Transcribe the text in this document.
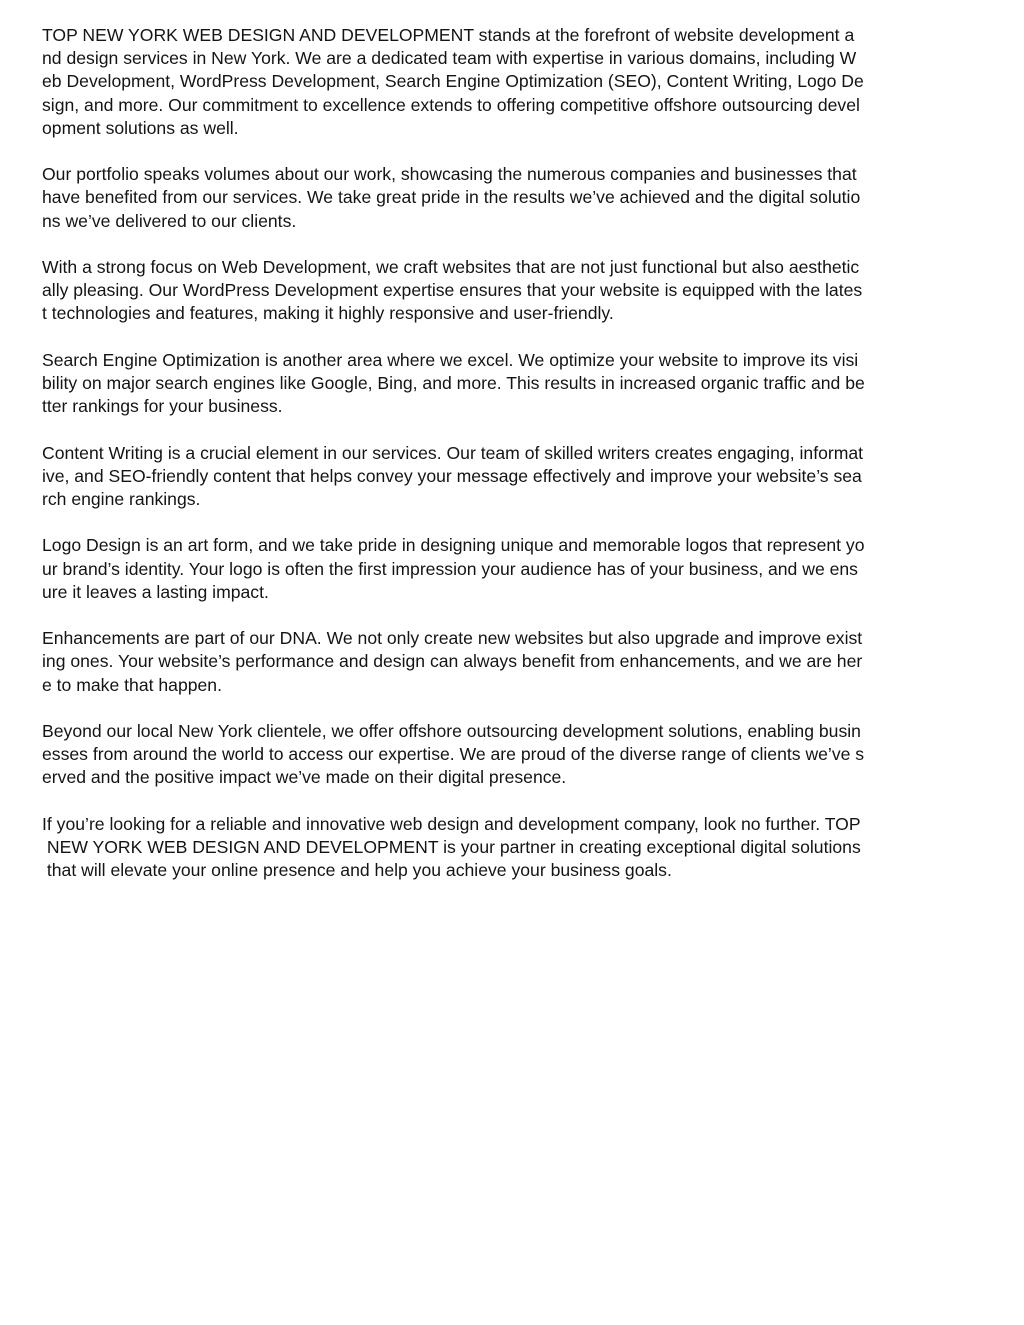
TOP NEW YORK WEB DESIGN AND DEVELOPMENT stands at the forefront of website development a
nd design services in New York. We are a dedicated team with expertise in various domains, including W
eb Development, WordPress Development, Search Engine Optimization (SEO), Content Writing, Logo De
sign, and more. Our commitment to excellence extends to offering competitive offshore outsourcing devel
opment solutions as well.

Our portfolio speaks volumes about our work, showcasing the numerous companies and businesses that
have benefited from our services. We take great pride in the results we’ve achieved and the digital solutio
ns we’ve delivered to our clients.

With a strong focus on Web Development, we craft websites that are not just functional but also aesthetic
ally pleasing. Our WordPress Development expertise ensures that your website is equipped with the lates
t technologies and features, making it highly responsive and user-friendly.

Search Engine Optimization is another area where we excel. We optimize your website to improve its visi
bility on major search engines like Google, Bing, and more. This results in increased organic traffic and be
tter rankings for your business.

Content Writing is a crucial element in our services. Our team of skilled writers creates engaging, informat
ive, and SEO-friendly content that helps convey your message effectively and improve your website’s sea
rch engine rankings.

Logo Design is an art form, and we take pride in designing unique and memorable logos that represent yo
ur brand’s identity. Your logo is often the first impression your audience has of your business, and we ens
ure it leaves a lasting impact.

Enhancements are part of our DNA. We not only create new websites but also upgrade and improve exist
ing ones. Your website’s performance and design can always benefit from enhancements, and we are her
e to make that happen.

Beyond our local New York clientele, we offer offshore outsourcing development solutions, enabling busin
esses from around the world to access our expertise. We are proud of the diverse range of clients we’ve s
erved and the positive impact we’ve made on their digital presence.

If you’re looking for a reliable and innovative web design and development company, look no further. TOP
NEW YORK WEB DESIGN AND DEVELOPMENT is your partner in creating exceptional digital solutions
that will elevate your online presence and help you achieve your business goals.
